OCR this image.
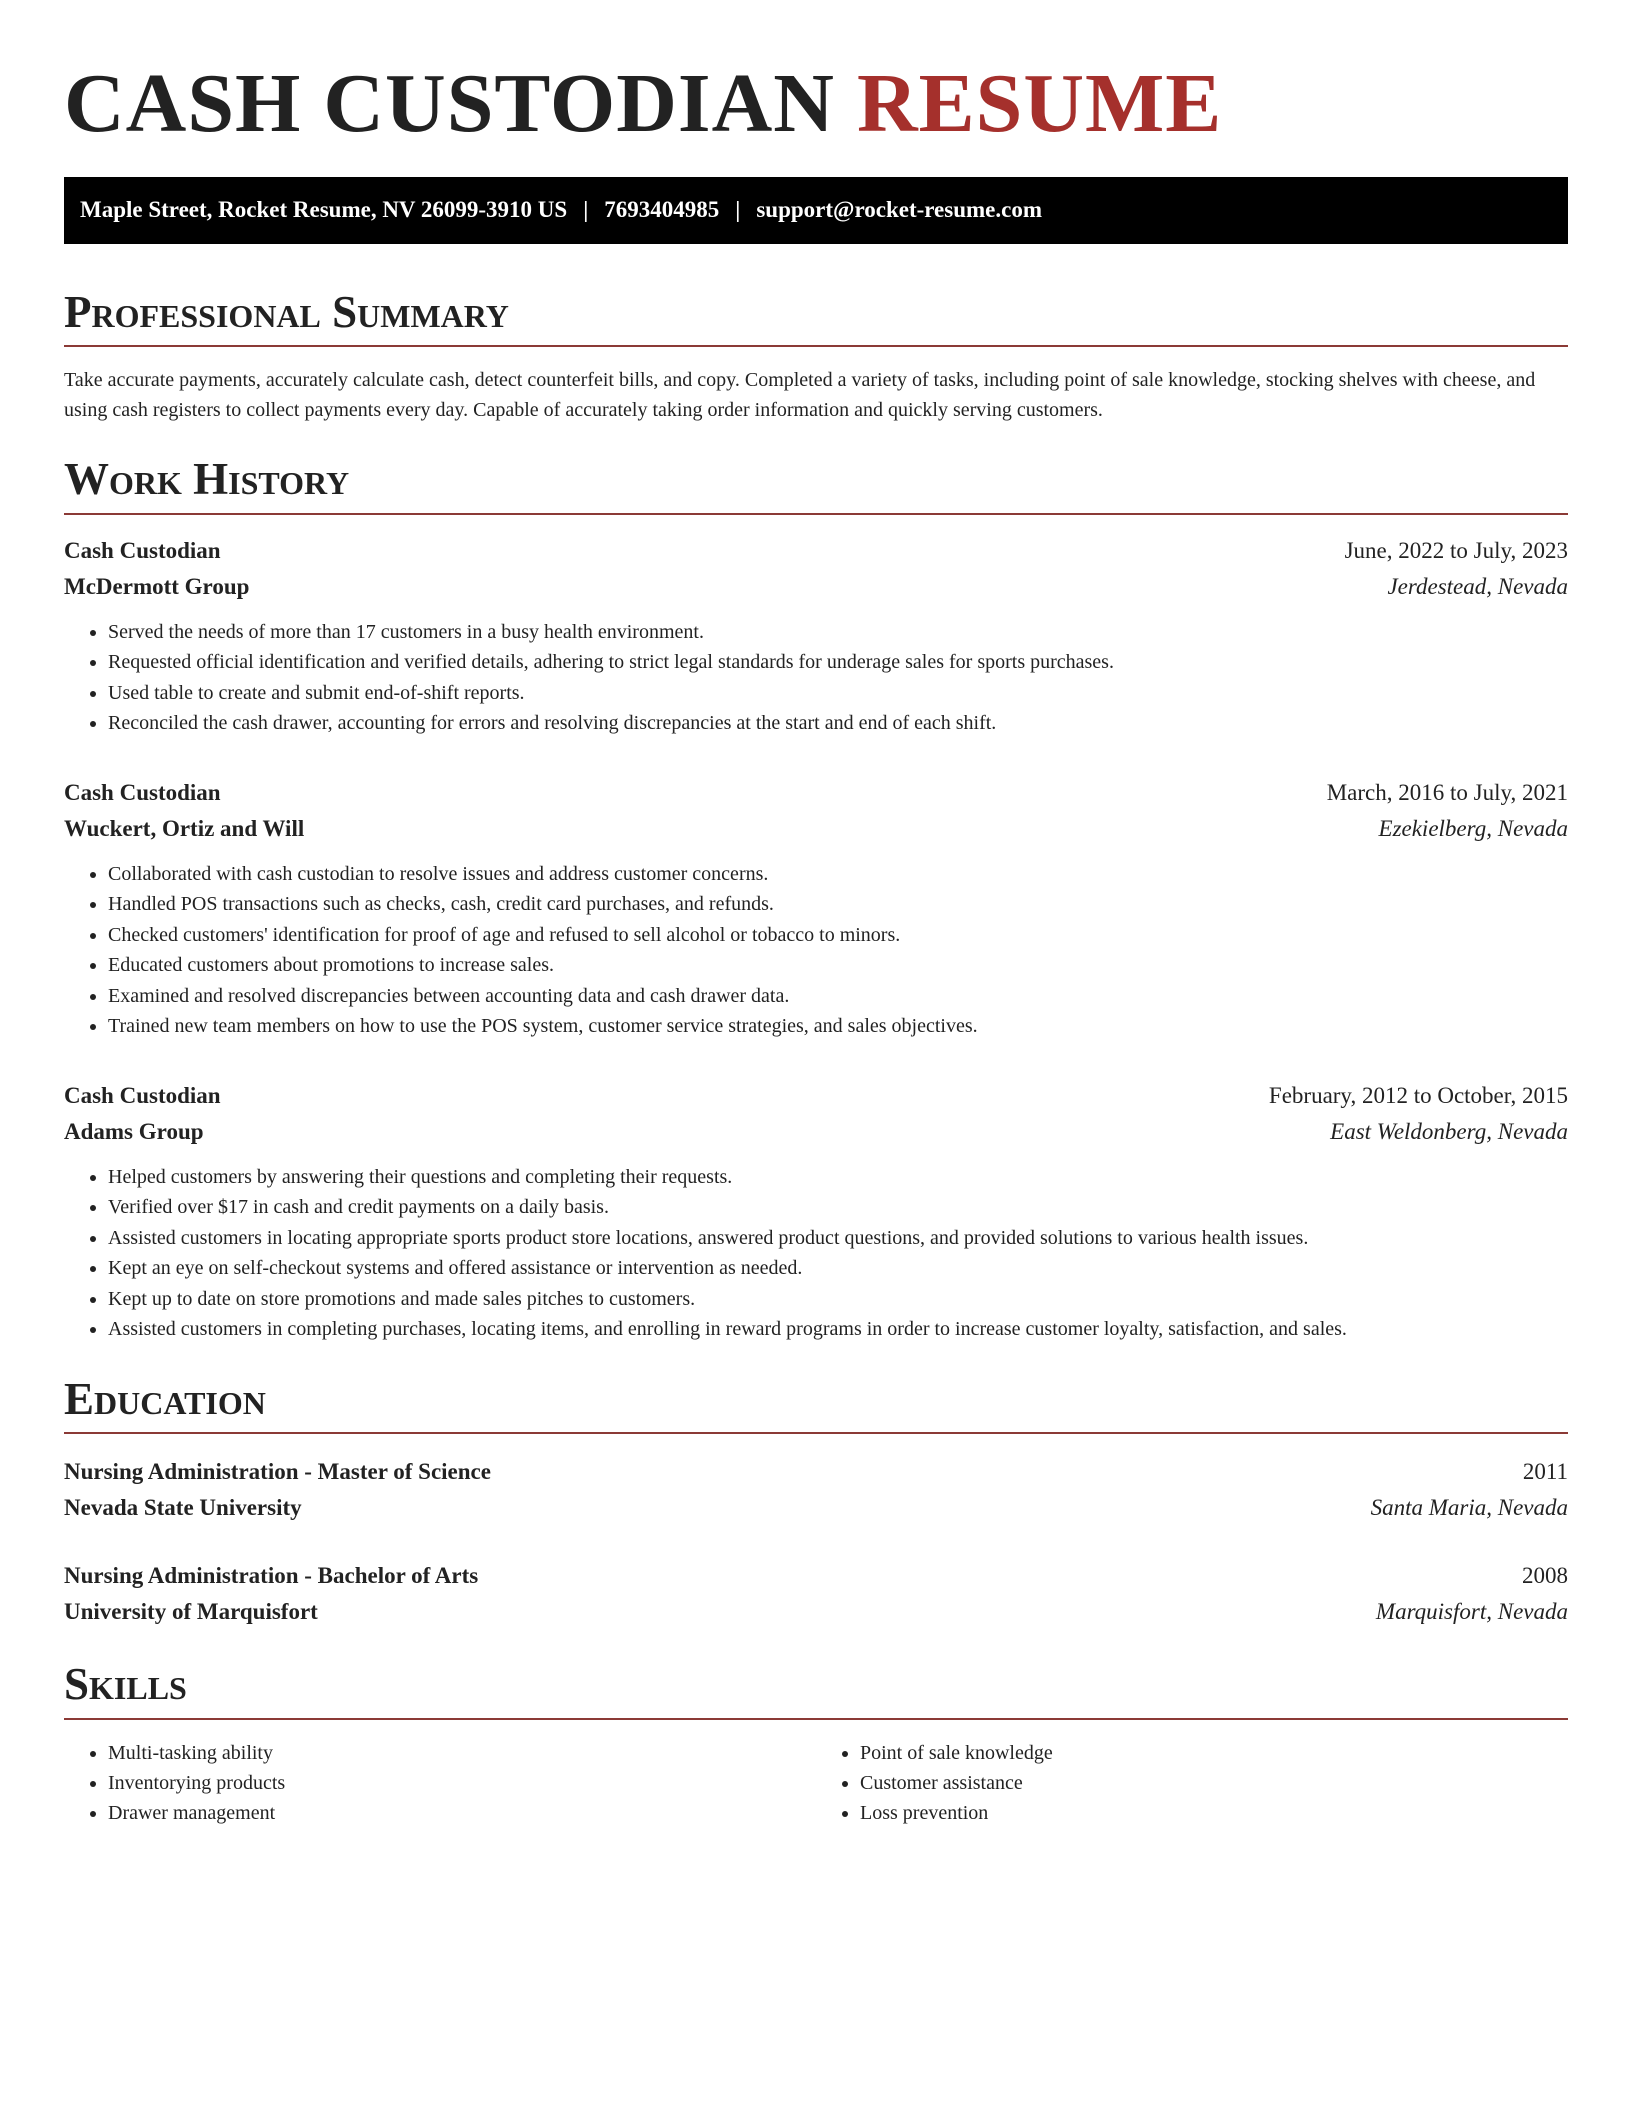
CASH CUSTODIAN RESUME
Maple Street, Rocket Resume, NV 26099-3910 US | 7693404985 | support@rocket-resume.com
Professional Summary

Take accurate payments, accurately calculate cash, detect counterfeit bills, and copy. Completed a variety of tasks, including point of sale knowledge, stocking shelves with cheese, and using cash registers to collect payments every day. Capable of accurately taking order information and quickly serving customers.

Work History
Cash Custodian	June, 2022 to July, 2023
McDermott Group	Jerdestead, Nevada
• Served the needs of more than 17 customers in a busy health environment.
• Requested official identification and verified details, adhering to strict legal standards for underage sales for sports purchases.
• Used table to create and submit end-of-shift reports.
• Reconciled the cash drawer, accounting for errors and resolving discrepancies at the start and end of each shift.
Cash Custodian	March, 2016 to July, 2021
Wuckert, Ortiz and Will	Ezekielberg, Nevada
• Collaborated with cash custodian to resolve issues and address customer concerns.
• Handled POS transactions such as checks, cash, credit card purchases, and refunds.
• Checked customers' identification for proof of age and refused to sell alcohol or tobacco to minors.
• Educated customers about promotions to increase sales.
• Examined and resolved discrepancies between accounting data and cash drawer data.
• Trained new team members on how to use the POS system, customer service strategies, and sales objectives.
Cash Custodian	February, 2012 to October, 2015
Adams Group	East Weldonberg, Nevada
• Helped customers by answering their questions and completing their requests.
• Verified over $17 in cash and credit payments on a daily basis.
• Assisted customers in locating appropriate sports product store locations, answered product questions, and provided solutions to various health issues.
• Kept an eye on self-checkout systems and offered assistance or intervention as needed.
• Kept up to date on store promotions and made sales pitches to customers.
• Assisted customers in completing purchases, locating items, and enrolling in reward programs in order to increase customer loyalty, satisfaction, and sales.
Education
Nursing Administration - Master of Science	2011
Nevada State University	Santa Maria, Nevada
Nursing Administration - Bachelor of Arts	2008
University of Marquisfort	Marquisfort, Nevada
Skills
• Multi-tasking ability
• Inventorying products
• Drawer management
• Point of sale knowledge
• Customer assistance
• Loss prevention
